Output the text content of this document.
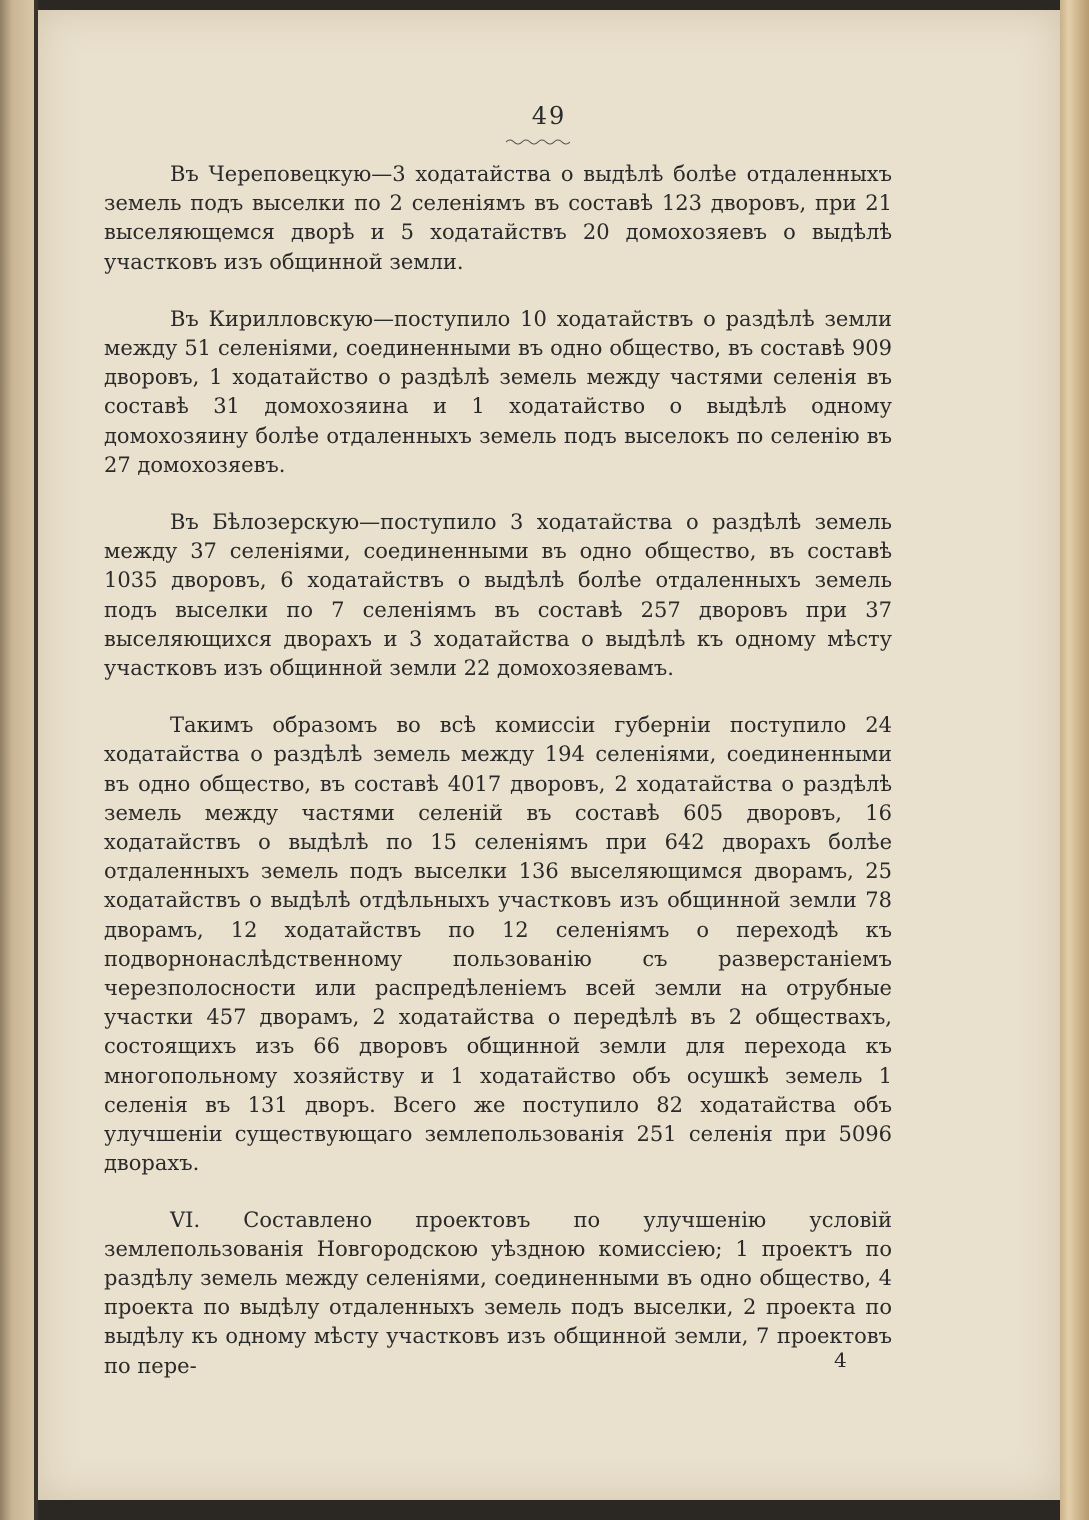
49

Въ Череповецкую—3 ходатайства о выдѣлѣ болѣе отдаленныхъ земель подъ выселки по 2 селеніямъ въ составѣ 123 дворовъ, при 21 выселяющемся дворѣ и 5 ходатайствъ 20 домохозяевъ о выдѣлѣ участковъ изъ общинной земли.

Въ Кирилловскую—поступило 10 ходатайствъ о раздѣлѣ земли между 51 селеніями, соединенными въ одно общество, въ составѣ 909 дворовъ, 1 ходатайство о раздѣлѣ земель между частями селенія въ составѣ 31 домохозяина и 1 ходатайство о выдѣлѣ одному домохозяину болѣе отдаленныхъ земель подъ выселокъ по селенію въ 27 домохозяевъ.

Въ Бѣлозерскую—поступило 3 ходатайства о раздѣлѣ земель между 37 селеніями, соединенными въ одно общество, въ составѣ 1035 дворовъ, 6 ходатайствъ о выдѣлѣ болѣе отдаленныхъ земель подъ выселки по 7 селеніямъ въ составѣ 257 дворовъ при 37 выселяющихся дворахъ и 3 ходатайства о выдѣлѣ къ одному мѣсту участковъ изъ общинной земли 22 домохозяевамъ.

Такимъ образомъ во всѣ комиссіи губерніи поступило 24 ходатайства о раздѣлѣ земель между 194 селеніями, соединенными въ одно общество, въ составѣ 4017 дворовъ, 2 ходатайства о раздѣлѣ земель между частями селеній въ составѣ 605 дворовъ, 16 ходатайствъ о выдѣлѣ по 15 селеніямъ при 642 дворахъ болѣе отдаленныхъ земель подъ выселки 136 выселяющимся дворамъ, 25 ходатайствъ о выдѣлѣ отдѣльныхъ участковъ изъ общинной земли 78 дворамъ, 12 ходатайствъ по 12 селеніямъ о переходѣ къ подворнонаслѣдственному пользованію съ разверстаніемъ черезполосности или распредѣленіемъ всей земли на отрубные участки 457 дворамъ, 2 ходатайства о передѣлѣ въ 2 обществахъ, состоящихъ изъ 66 дворовъ общинной земли для перехода къ многопольному хозяйству и 1 ходатайство объ осушкѣ земель 1 селенія въ 131 дворъ. Всего же поступило 82 ходатайства объ улучшеніи существующаго землепользованія 251 селенія при 5096 дворахъ.

VI. Составлено проектовъ по улучшенію условій землепользованія Новгородскою уѣздною комиссіею; 1 проектъ по раздѣлу земель между селеніями, соединенными въ одно общество, 4 проекта по выдѣлу отдаленныхъ земель подъ выселки, 2 проекта по выдѣлу къ одному мѣсту участковъ изъ общинной земли, 7 проектовъ по пере-	4
